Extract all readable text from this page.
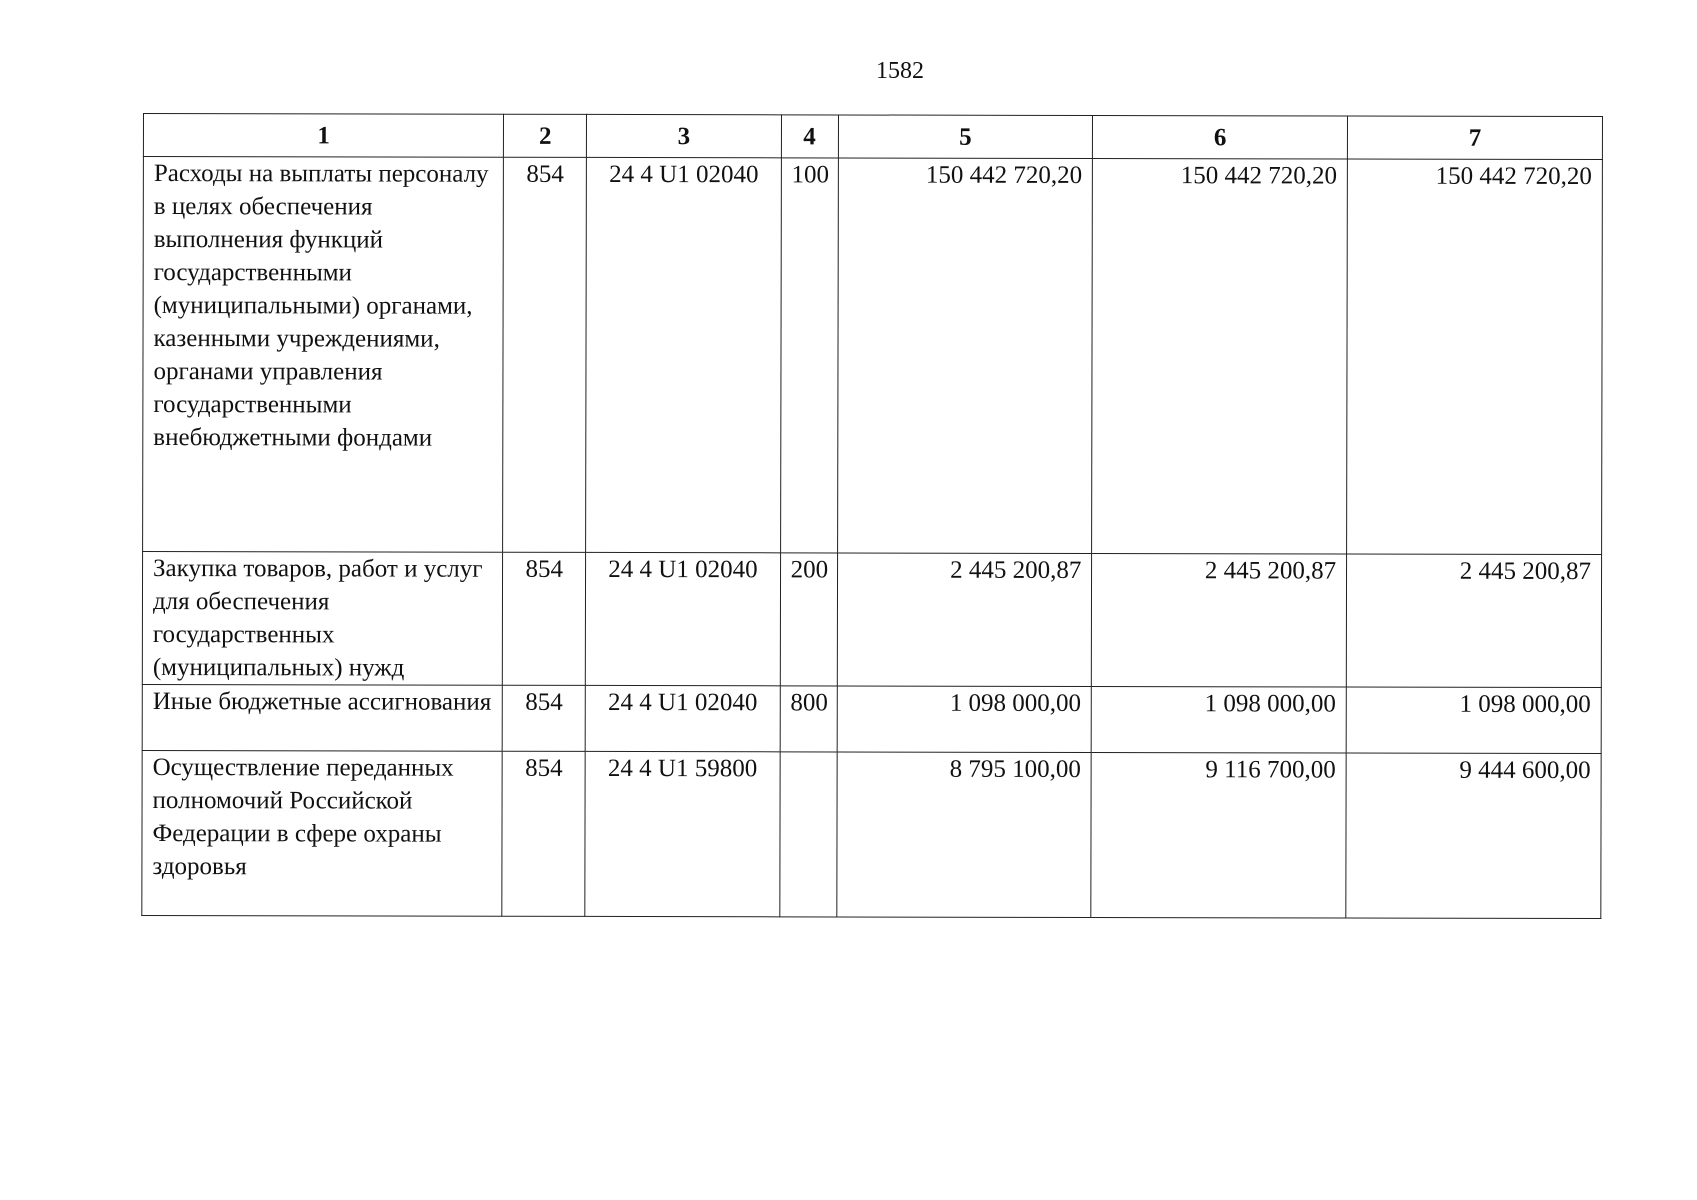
1582
1	2	3	4	5	6	7
Расходы на выплаты персоналу в целях обеспечения выполнения функций государственными (муниципальными) органами, казенными учреждениями, органами управления государственными внебюджетными фондами	854	24 4 U1 02040	100	150 442 720,20	150 442 720,20	150 442 720,20
Закупка товаров, работ и услуг для обеспечения государственных (муниципальных) нужд	854	24 4 U1 02040	200	2 445 200,87	2 445 200,87	2 445 200,87
Иные бюджетные ассигнования	854	24 4 U1 02040	800	1 098 000,00	1 098 000,00	1 098 000,00
Осуществление переданных полномочий Российской Федерации в сфере охраны здоровья	854	24 4 U1 59800		8 795 100,00	9 116 700,00	9 444 600,00
